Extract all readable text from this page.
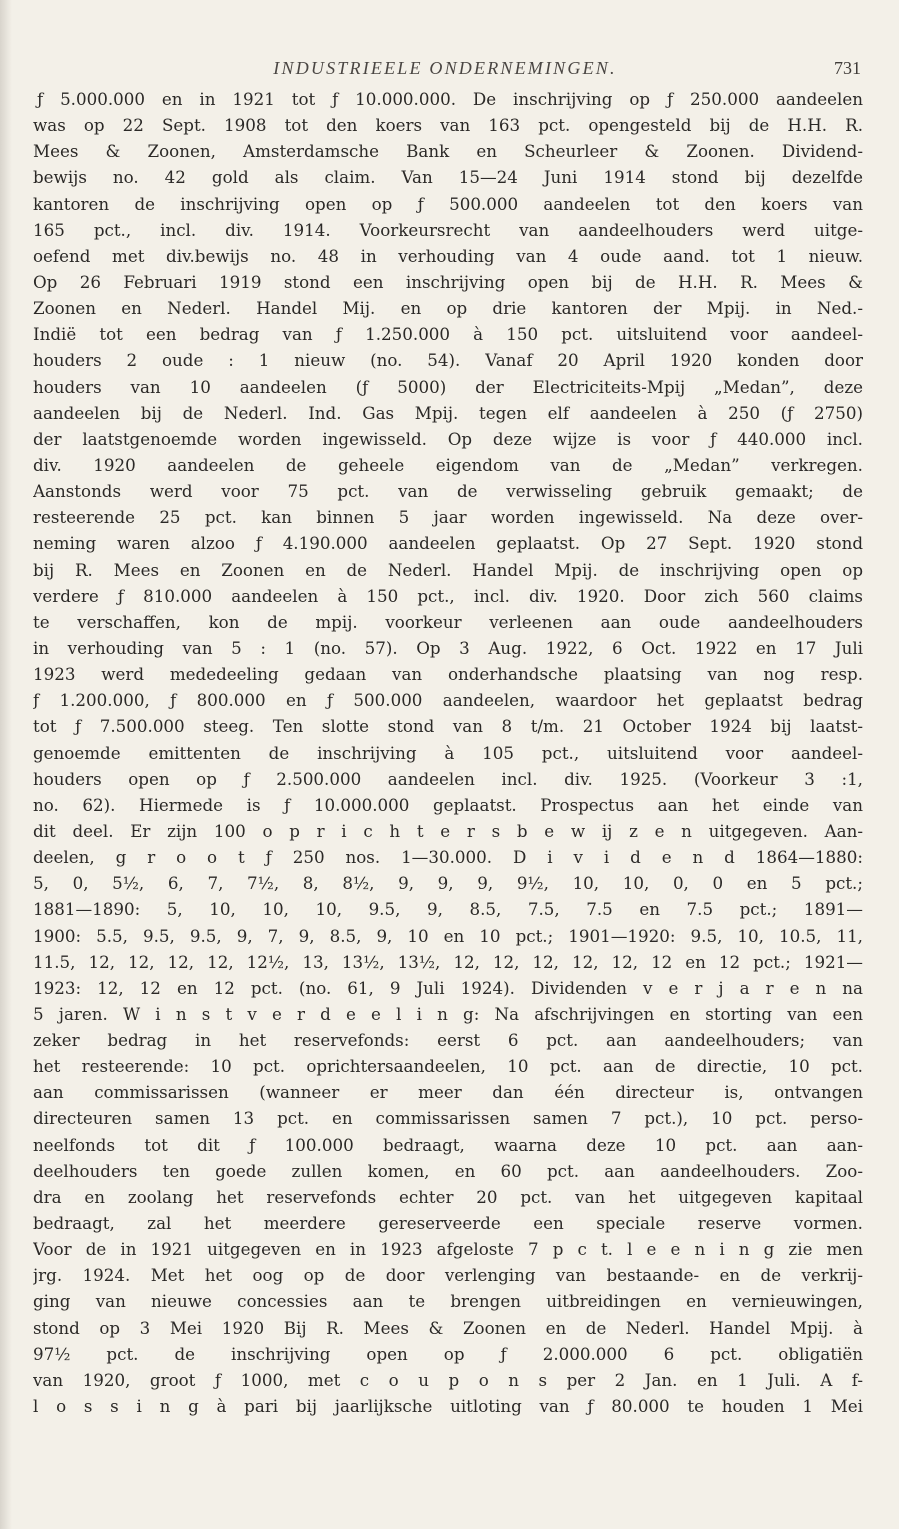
INDUSTRIEELE ONDERNEMINGEN.	731
ƒ 5.000.000 en in 1921 tot ƒ 10.000.000. De inschrijving op ƒ 250.000 aandeelen
was op 22 Sept. 1908 tot den koers van 163 pct. opengesteld bij de H.H. R.
Mees & Zoonen, Amsterdamsche Bank en Scheurleer & Zoonen. Dividend-
bewijs no. 42 gold als claim. Van 15—24 Juni 1914 stond bij dezelfde
kantoren de inschrijving open op ƒ 500.000 aandeelen tot den koers van
165 pct., incl. div. 1914. Voorkeursrecht van aandeelhouders werd uitge-
oefend met div.bewijs no. 48 in verhouding van 4 oude aand. tot 1 nieuw.
Op 26 Februari 1919 stond een inschrijving open bij de H.H. R. Mees &
Zoonen en Nederl. Handel Mij. en op drie kantoren der Mpij. in Ned.-
Indië tot een bedrag van ƒ 1.250.000 à 150 pct. uitsluitend voor aandeel-
houders 2 oude : 1 nieuw (no. 54). Vanaf 20 April 1920 konden door
houders van 10 aandeelen (ƒ 5000) der Electriciteits-Mpij „Medan”, deze
aandeelen bij de Nederl. Ind. Gas Mpij. tegen elf aandeelen à 250 (ƒ 2750)
der laatstgenoemde worden ingewisseld. Op deze wijze is voor ƒ 440.000 incl.
div. 1920 aandeelen de geheele eigendom van de „Medan” verkregen.
Aanstonds werd voor 75 pct. van de verwisseling gebruik gemaakt; de
resteerende 25 pct. kan binnen 5 jaar worden ingewisseld. Na deze over-
neming waren alzoo ƒ 4.190.000 aandeelen geplaatst. Op 27 Sept. 1920 stond
bij R. Mees en Zoonen en de Nederl. Handel Mpij. de inschrijving open op
verdere ƒ 810.000 aandeelen à 150 pct., incl. div. 1920. Door zich 560 claims
te verschaffen, kon de mpij. voorkeur verleenen aan oude aandeelhouders
in verhouding van 5 : 1 (no. 57). Op 3 Aug. 1922, 6 Oct. 1922 en 17 Juli
1923 werd mededeeling gedaan van onderhandsche plaatsing van nog resp.
ƒ 1.200.000, ƒ 800.000 en ƒ 500.000 aandeelen, waardoor het geplaatst bedrag
tot ƒ 7.500.000 steeg. Ten slotte stond van 8 t/m. 21 October 1924 bij laatst-
genoemde emittenten de inschrijving à 105 pct., uitsluitend voor aandeel-
houders open op ƒ 2.500.000 aandeelen incl. div. 1925. (Voorkeur 3 :1,
no. 62). Hiermede is ƒ 10.000.000 geplaatst. Prospectus aan het einde van
dit deel. Er zijn 100 o p r i c h t e r s b e w ij z e n uitgegeven. Aan-
deelen, g r o o t ƒ 250 nos. 1—30.000. D i v i d e n d 1864—1880:
5, 0, 5½, 6, 7, 7½, 8, 8½, 9, 9, 9, 9½, 10, 10, 0, 0 en 5 pct.;
1881—1890: 5, 10, 10, 10, 9.5, 9, 8.5, 7.5, 7.5 en 7.5 pct.; 1891—
1900: 5.5, 9.5, 9.5, 9, 7, 9, 8.5, 9, 10 en 10 pct.; 1901—1920: 9.5, 10, 10.5, 11,
11.5, 12, 12, 12, 12, 12½, 13, 13½, 13½, 12, 12, 12, 12, 12, 12 en 12 pct.; 1921—
1923: 12, 12 en 12 pct. (no. 61, 9 Juli 1924). Dividenden v e r j a r e n na
5 jaren. W i n s t v e r d e e l i n g: Na afschrijvingen en storting van een
zeker bedrag in het reservefonds: eerst 6 pct. aan aandeelhouders; van
het resteerende: 10 pct. oprichtersaandeelen, 10 pct. aan de directie, 10 pct.
aan commissarissen (wanneer er meer dan één directeur is, ontvangen
directeuren samen 13 pct. en commissarissen samen 7 pct.), 10 pct. perso-
neelfonds tot dit ƒ 100.000 bedraagt, waarna deze 10 pct. aan aan-
deelhouders ten goede zullen komen, en 60 pct. aan aandeelhouders. Zoo-
dra en zoolang het reservefonds echter 20 pct. van het uitgegeven kapitaal
bedraagt, zal het meerdere gereserveerde een speciale reserve vormen.
Voor de in 1921 uitgegeven en in 1923 afgeloste 7 p c t. l e e n i n g zie men
jrg. 1924. Met het oog op de door verlenging van bestaande- en de verkrij-
ging van nieuwe concessies aan te brengen uitbreidingen en vernieuwingen,
stond op 3 Mei 1920 Bij R. Mees & Zoonen en de Nederl. Handel Mpij. à
97½ pct. de inschrijving open op ƒ 2.000.000 6 pct. obligatiën
van 1920, groot ƒ 1000, met c o u p o n s per 2 Jan. en 1 Juli. A f-
l o s s i n g à pari bij jaarlijksche uitloting van ƒ 80.000 te houden 1 Mei
